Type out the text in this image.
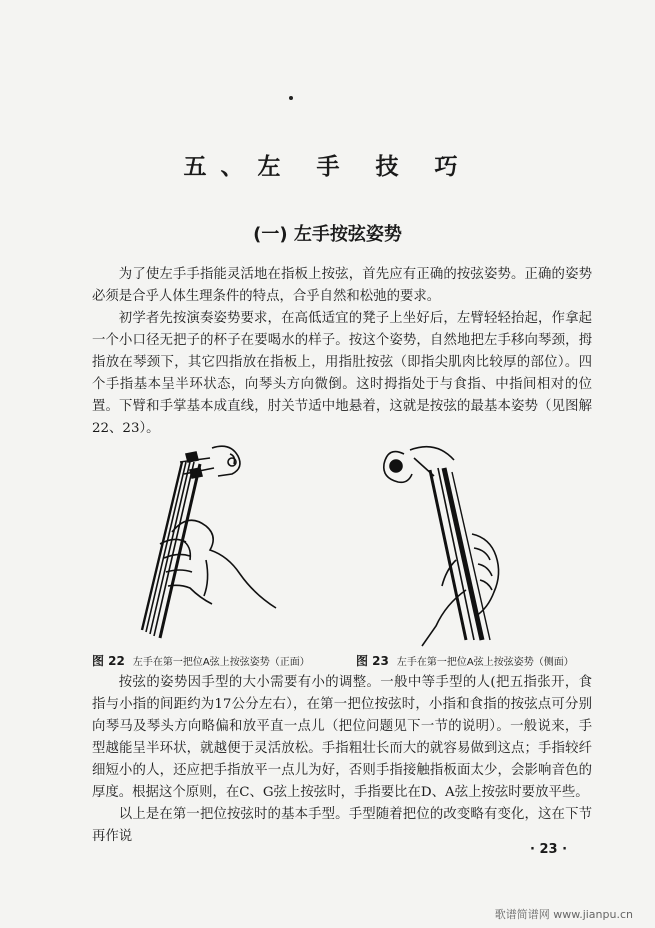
五、左 手 技 巧
(一) 左手按弦姿势
为了使左手手指能灵活地在指板上按弦，首先应有正确的按弦姿势。正确的姿势必须是合乎人体生理条件的特点，合乎自然和松弛的要求。
初学者先按演奏姿势要求，在高低适宜的凳子上坐好后，左臂轻轻抬起，作拿起一个小口径无把子的杯子在要喝水的样子。按这个姿势，自然地把左手移向琴颈，拇指放在琴颈下，其它四指放在指板上，用指肚按弦（即指尖肌肉比较厚的部位）。四个手指基本呈半环状态，向琴头方向微倒。这时拇指处于与食指、中指间相对的位置。下臂和手掌基本成直线，肘关节适中地悬着，这就是按弦的最基本姿势（见图解22、23）。
图 22 左手在第一把位A弦上按弦姿势（正面）	图 23 左手在第一把位A弦上按弦姿势（侧面）
按弦的姿势因手型的大小需要有小的调整。一般中等手型的人(把五指张开，食指与小指的间距约为17公分左右），在第一把位按弦时，小指和食指的按弦点可分别向琴马及琴头方向略偏和放平直一点儿（把位问题见下一节的说明）。一般说来，手型越能呈半环状，就越便于灵活放松。手指粗壮长而大的就容易做到这点；手指较纤细短小的人，还应把手指放平一点儿为好，否则手指接触指板面太少，会影响音色的厚度。根据这个原则，在C、G弦上按弦时，手指要比在D、A弦上按弦时要放平些。
以上是在第一把位按弦时的基本手型。手型随着把位的改变略有变化，这在下节再作说
· 23 ·
歌谱简谱网 www.jianpu.cn
